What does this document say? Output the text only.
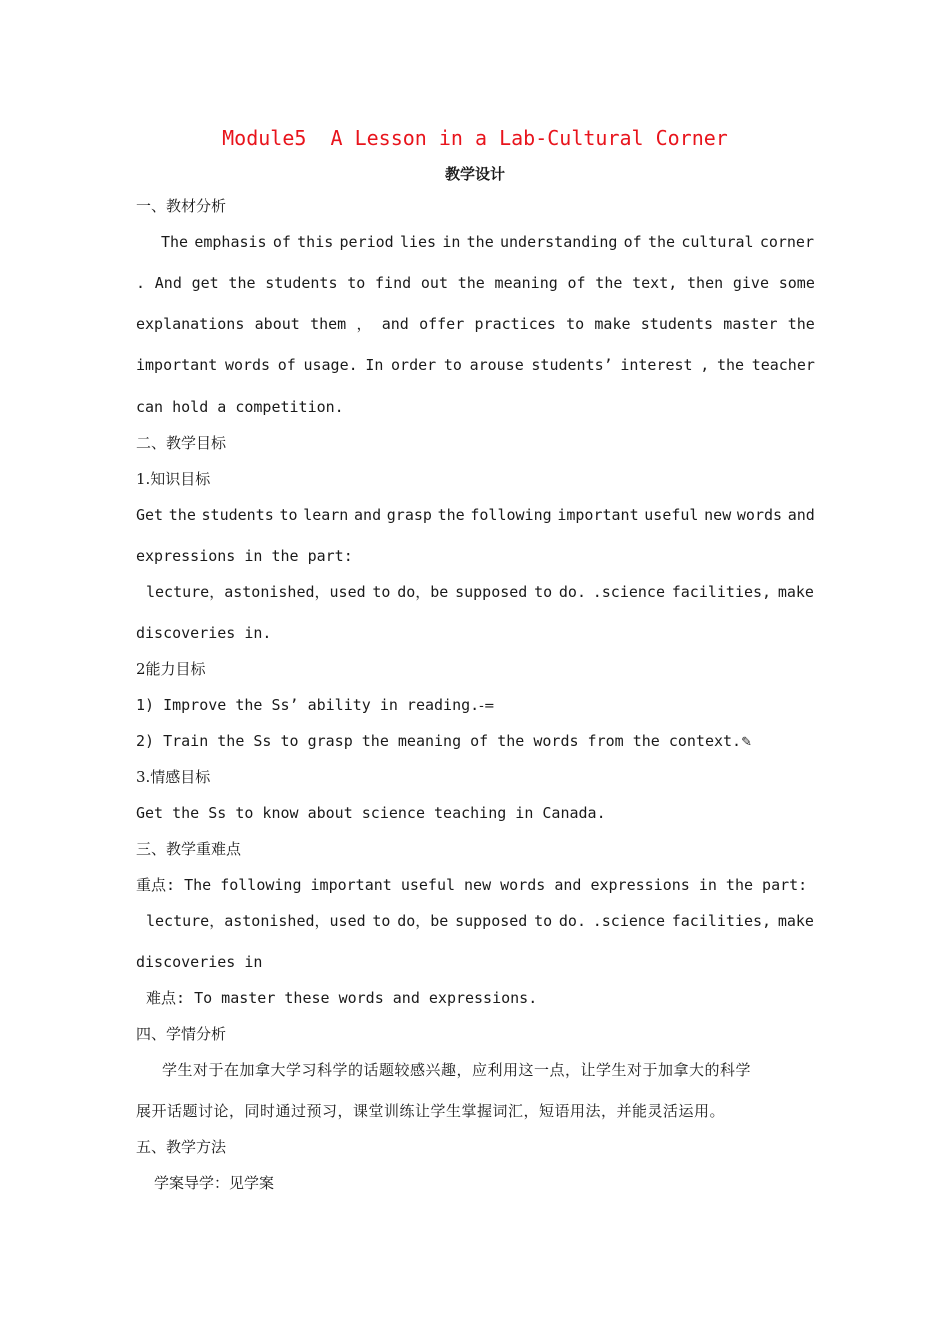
Module5  A Lesson in a Lab-Cultural Corner
教学设计
一、教材分析
The emphasis of this period lies in the understanding of the cultural corner
. And get the students to find out the meaning of the text, then give some
explanations about them ， and offer practices to make students master the
important words of usage. In order to arouse students’ interest , the teacher
can hold a competition.
二、教学目标
1.知识目标
Get the students to learn and grasp the following important useful new words and
expressions in the part:
lecture，astonished，used to do，be supposed to do. .science facilities, make
discoveries in.
2能力目标
1) Improve the Ss’ ability in reading.-=
2) Train the Ss to grasp the meaning of the words from the context.✎
3.情感目标
Get the Ss to know about science teaching in Canada.
三、教学重难点
重点: The following important useful new words and expressions in the part:
lecture，astonished，used to do，be supposed to do. .science facilities, make
discoveries in
难点: To master these words and expressions.
四、学情分析
学生对于在加拿大学习科学的话题较感兴趣，应利用这一点，让学生对于加拿大的科学
展开话题讨论，同时通过预习，课堂训练让学生掌握词汇，短语用法，并能灵活运用。
五、教学方法
学案导学：见学案
